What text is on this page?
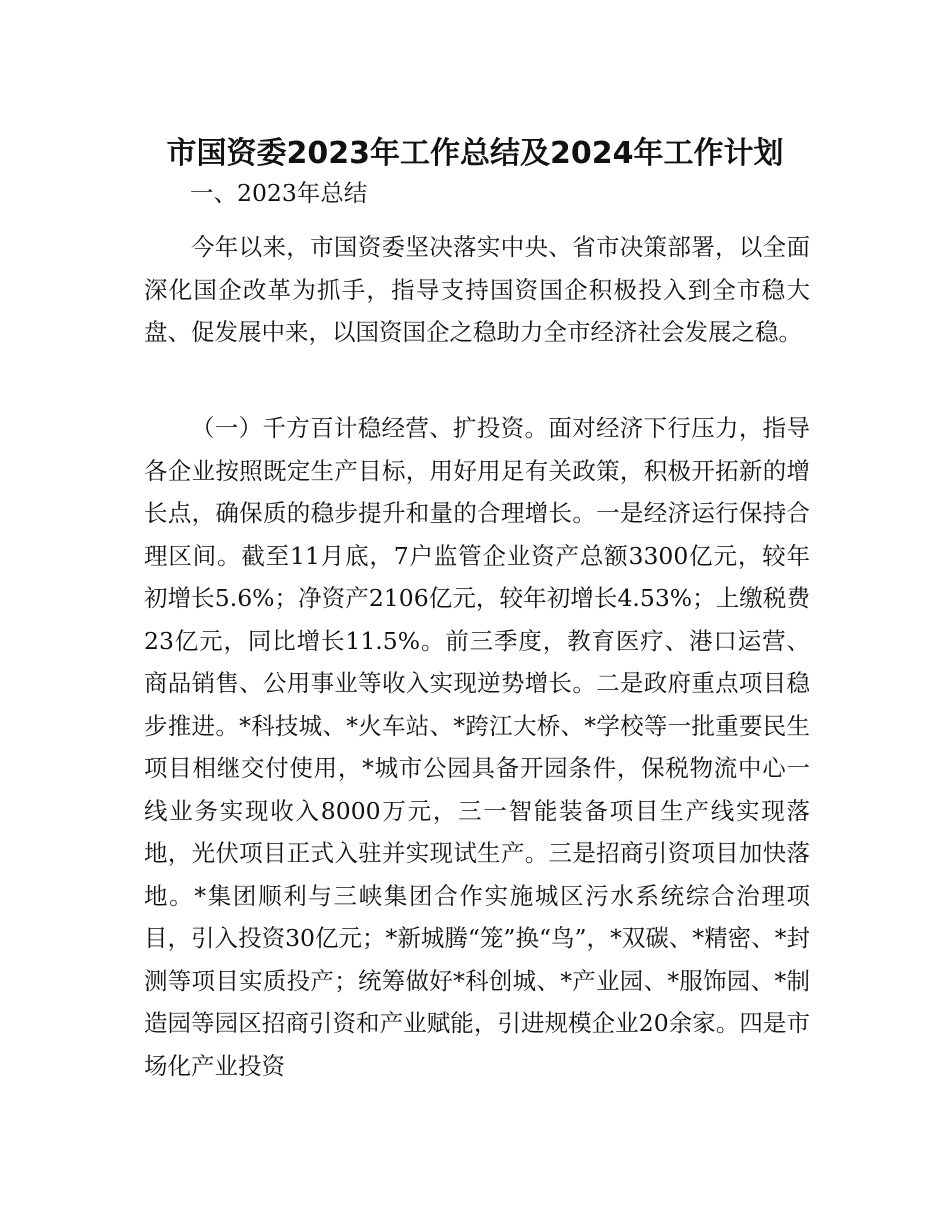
市国资委2023年工作总结及2024年工作计划

一、2023年总结

今年以来，市国资委坚决落实中央、省市决策部署，以全面深化国企改革为抓手，指导支持国资国企积极投入到全市稳大盘、促发展中来，以国资国企之稳助力全市经济社会发展之稳。

（一）千方百计稳经营、扩投资。面对经济下行压力，指导各企业按照既定生产目标，用好用足有关政策，积极开拓新的增长点，确保质的稳步提升和量的合理增长。一是经济运行保持合理区间。截至11月底，7户监管企业资产总额3300亿元，较年初增长5.6%；净资产2106亿元，较年初增长4.53%；上缴税费23亿元，同比增长11.5%。前三季度，教育医疗、港口运营、商品销售、公用事业等收入实现逆势增长。二是政府重点项目稳步推进。*科技城、*火车站、*跨江大桥、*学校等一批重要民生项目相继交付使用，*城市公园具备开园条件，保税物流中心一线业务实现收入8000万元，三一智能装备项目生产线实现落地，光伏项目正式入驻并实现试生产。三是招商引资项目加快落地。*集团顺利与三峡集团合作实施城区污水系统综合治理项目，引入投资30亿元；*新城腾“笼”换“鸟”，*双碳、*精密、*封测等项目实质投产；统筹做好*科创城、*产业园、*服饰园、*制造园等园区招商引资和产业赋能，引进规模企业20余家。四是市场化产业投资
